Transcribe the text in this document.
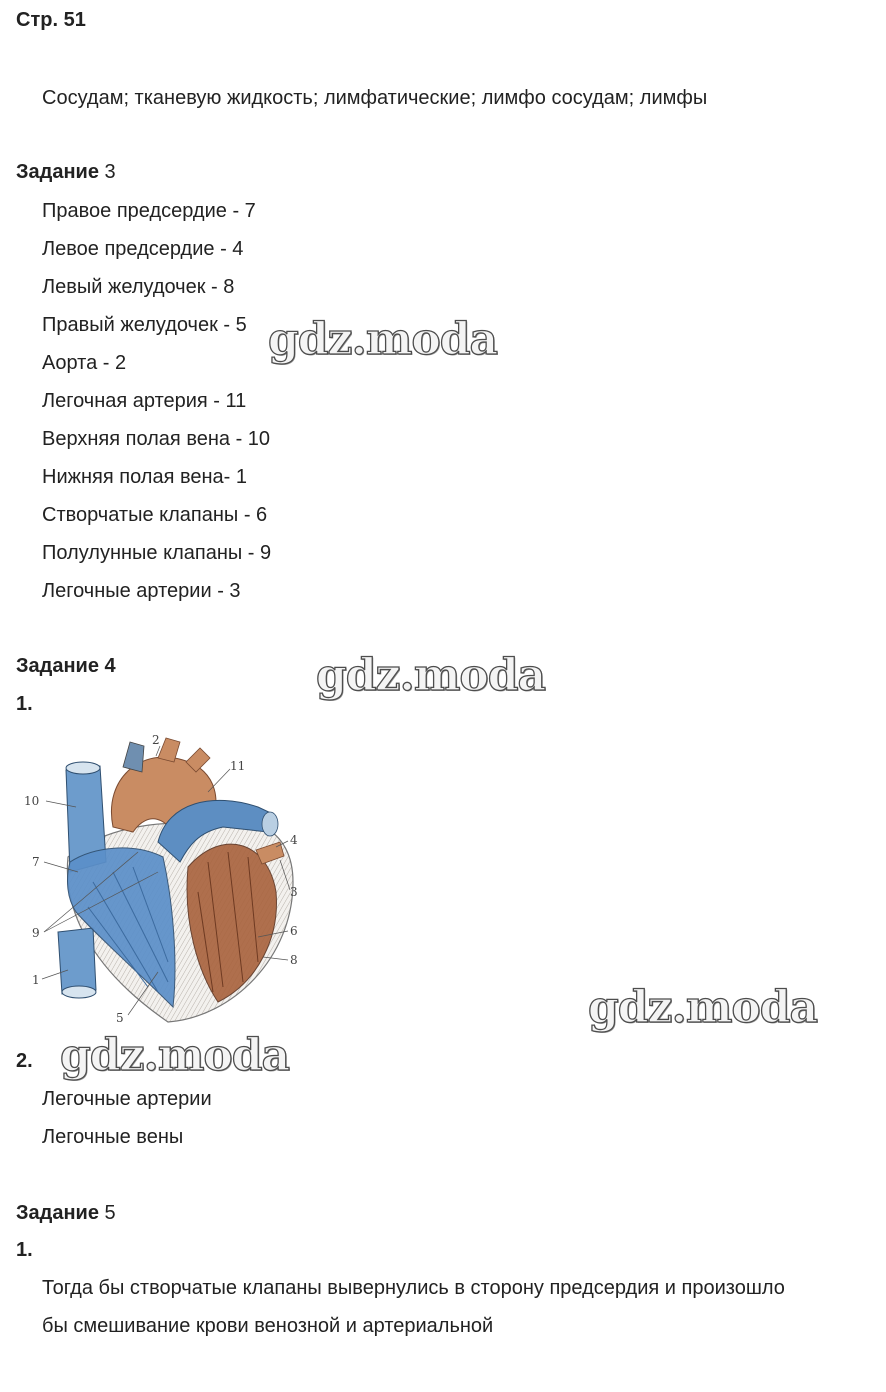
Стр. 51
Сосудам; тканевую жидкость; лимфатические; лимфо сосудам; лимфы
Задание 3
Правое предсердие - 7
Левое предсердие - 4
Левый желудочек - 8
Правый желудочек - 5
Аорта - 2
Легочная артерия - 11
Верхняя полая вена - 10
Нижняя полая вена- 1
Створчатые клапаны - 6
Полулунные клапаны - 9
Легочные артерии - 3
Задание 4
1.
2
11
10
4
7
3
9	6
8
1
5
2.
Легочные артерии
Легочные вены
Задание 5
1.
Тогда бы створчатые клапаны вывернулись в сторону предсердия и произошло
бы смешивание крови венозной и артериальной
gdz.moda
gdz.moda
gdz.moda
gdz.moda
